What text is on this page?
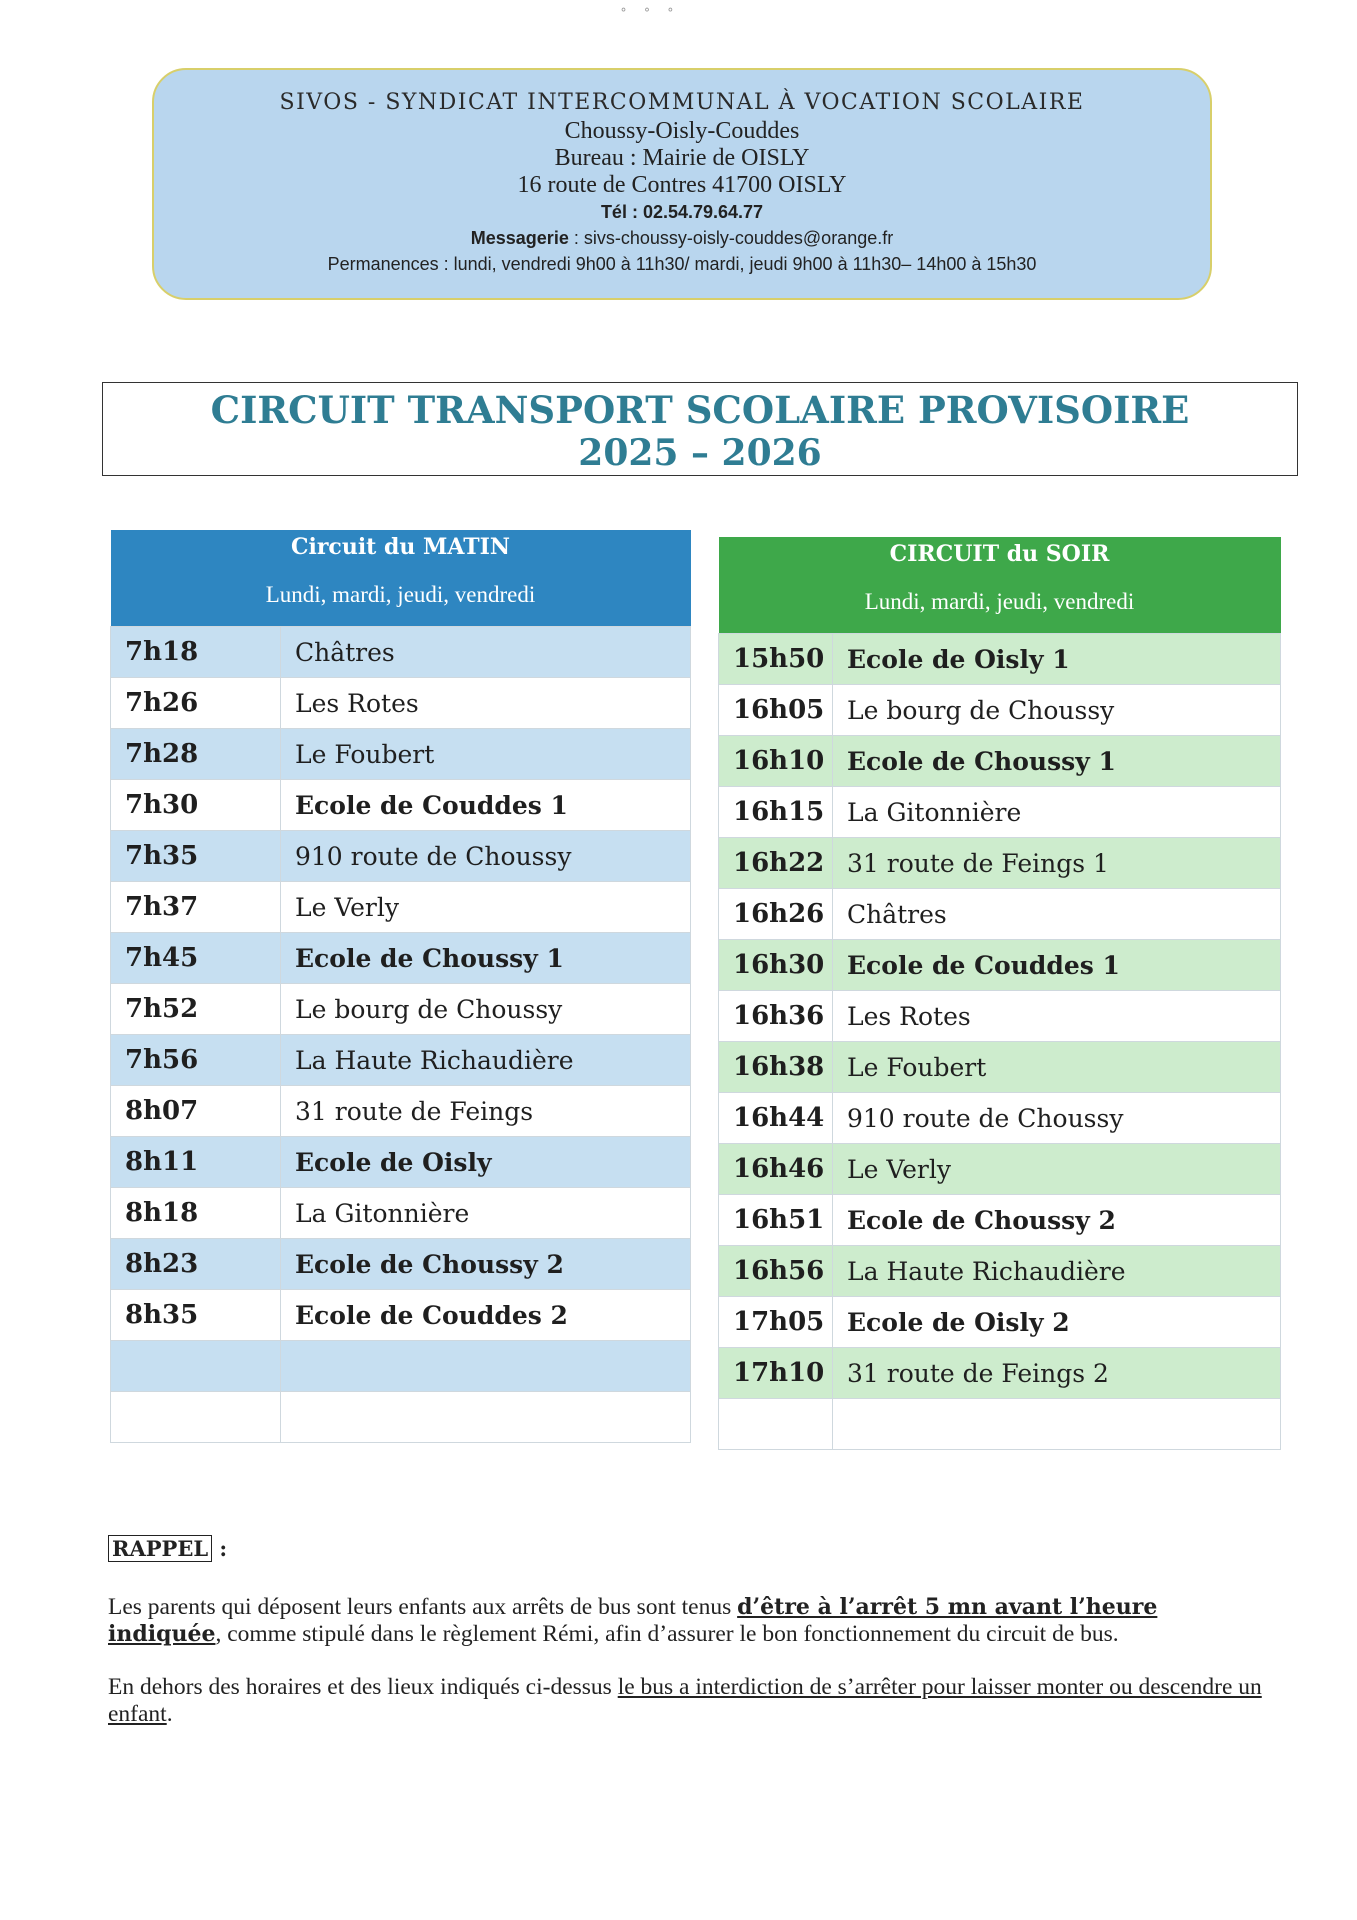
˚ ˚ ˚
SIVOS - SYNDICAT INTERCOMMUNAL À VOCATION SCOLAIRE
Choussy-Oisly-Couddes
Bureau : Mairie de OISLY
16 route de Contres 41700 OISLY
Tél : 02.54.79.64.77
Messagerie : sivs-choussy-oisly-couddes@orange.fr
Permanences : lundi, vendredi 9h00 à 11h30/ mardi, jeudi 9h00 à 11h30– 14h00 à 15h30
CIRCUIT TRANSPORT SCOLAIRE PROVISOIRE
2025 – 2026
Circuit du MATIN	
Lundi, mardi, jeudi, vendredi	
7h18	Châtres
7h26	Les Rotes
7h28	Le Foubert
7h30	Ecole de Couddes 1
7h35	910 route de Choussy
7h37	Le Verly
7h45	Ecole de Choussy 1
7h52	Le bourg de Choussy
7h56	La Haute Richaudière
8h07	31 route de Feings
8h11	Ecole de Oisly
8h18	La Gitonnière
8h23	Ecole de Choussy 2
8h35	Ecole de Couddes 2

CIRCUIT du SOIR	
Lundi, mardi, jeudi, vendredi	
15h50	Ecole de Oisly 1
16h05	Le bourg de Choussy
16h10	Ecole de Choussy 1
16h15	La Gitonnière
16h22	31 route de Feings 1
16h26	Châtres
16h30	Ecole de Couddes 1
16h36	Les Rotes
16h38	Le Foubert
16h44	910 route de Choussy
16h46	Le Verly
16h51	Ecole de Choussy 2
16h56	La Haute Richaudière
17h05	Ecole de Oisly 2
17h10	31 route de Feings 2

RAPPEL :
Les parents qui déposent leurs enfants aux arrêts de bus sont tenus d’être à l’arrêt 5 mn avant l’heure indiquée, comme stipulé dans le règlement Rémi, afin d’assurer le bon fonctionnement du circuit de bus.
En dehors des horaires et des lieux indiqués ci-dessus le bus a interdiction de s’arrêter pour laisser monter ou descendre un enfant.
